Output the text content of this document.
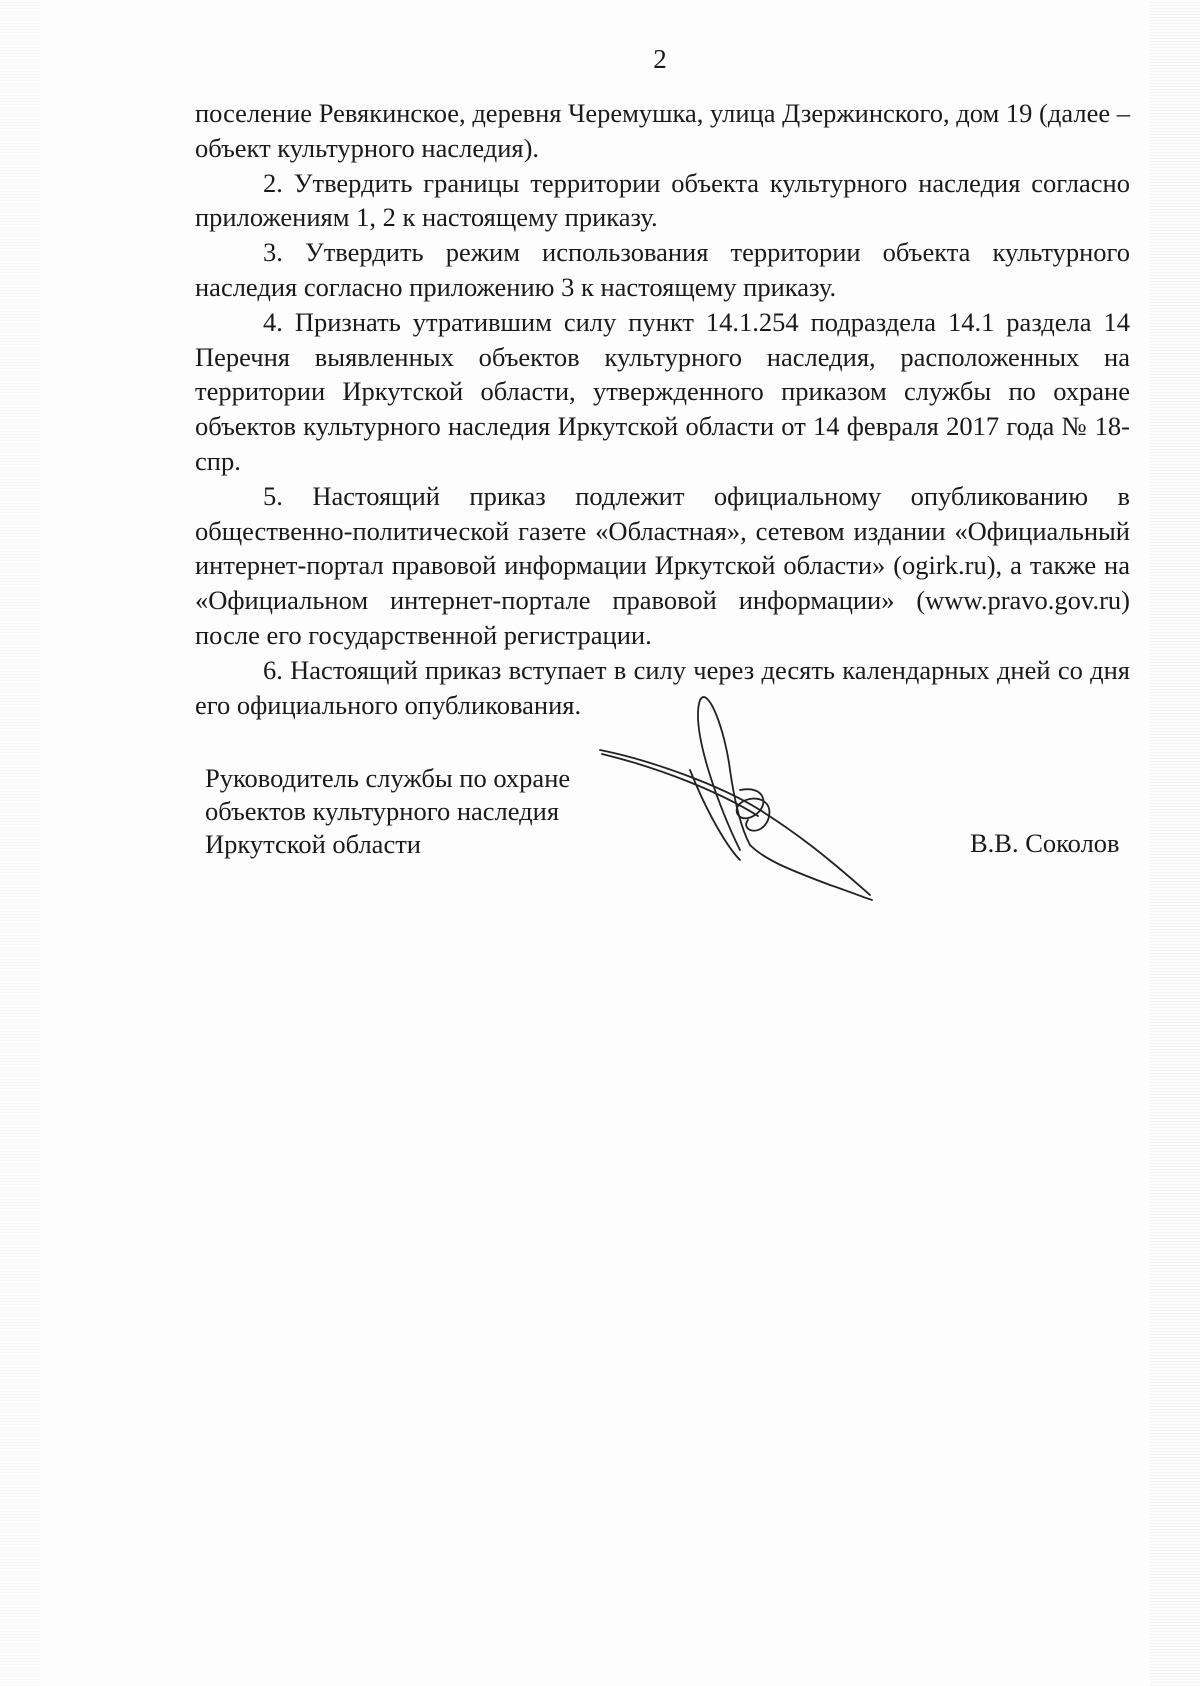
2

поселение Ревякинское, деревня Черемушка, улица Дзержинского, дом 19 (далее – объект культурного наследия).

2. Утвердить границы территории объекта культурного наследия согласно приложениям 1, 2 к настоящему приказу.

3. Утвердить режим использования территории объекта культурного наследия согласно приложению 3 к настоящему приказу.

4. Признать утратившим силу пункт 14.1.254 подраздела 14.1 раздела 14 Перечня выявленных объектов культурного наследия, расположенных на территории Иркутской области, утвержденного приказом службы по охране объектов культурного наследия Иркутской области от 14 февраля 2017 года № 18-спр.

5. Настоящий приказ подлежит официальному опубликованию в общественно-политической газете «Областная», сетевом издании «Официальный интернет-портал правовой информации Иркутской области» (ogirk.ru), а также на «Официальном интернет-портале правовой информации» (www.pravo.gov.ru) после его государственной регистрации.

6. Настоящий приказ вступает в силу через десять календарных дней со дня его официального опубликования.

Руководитель службы по охране
объектов культурного наследия
Иркутской области	В.В. Соколов
